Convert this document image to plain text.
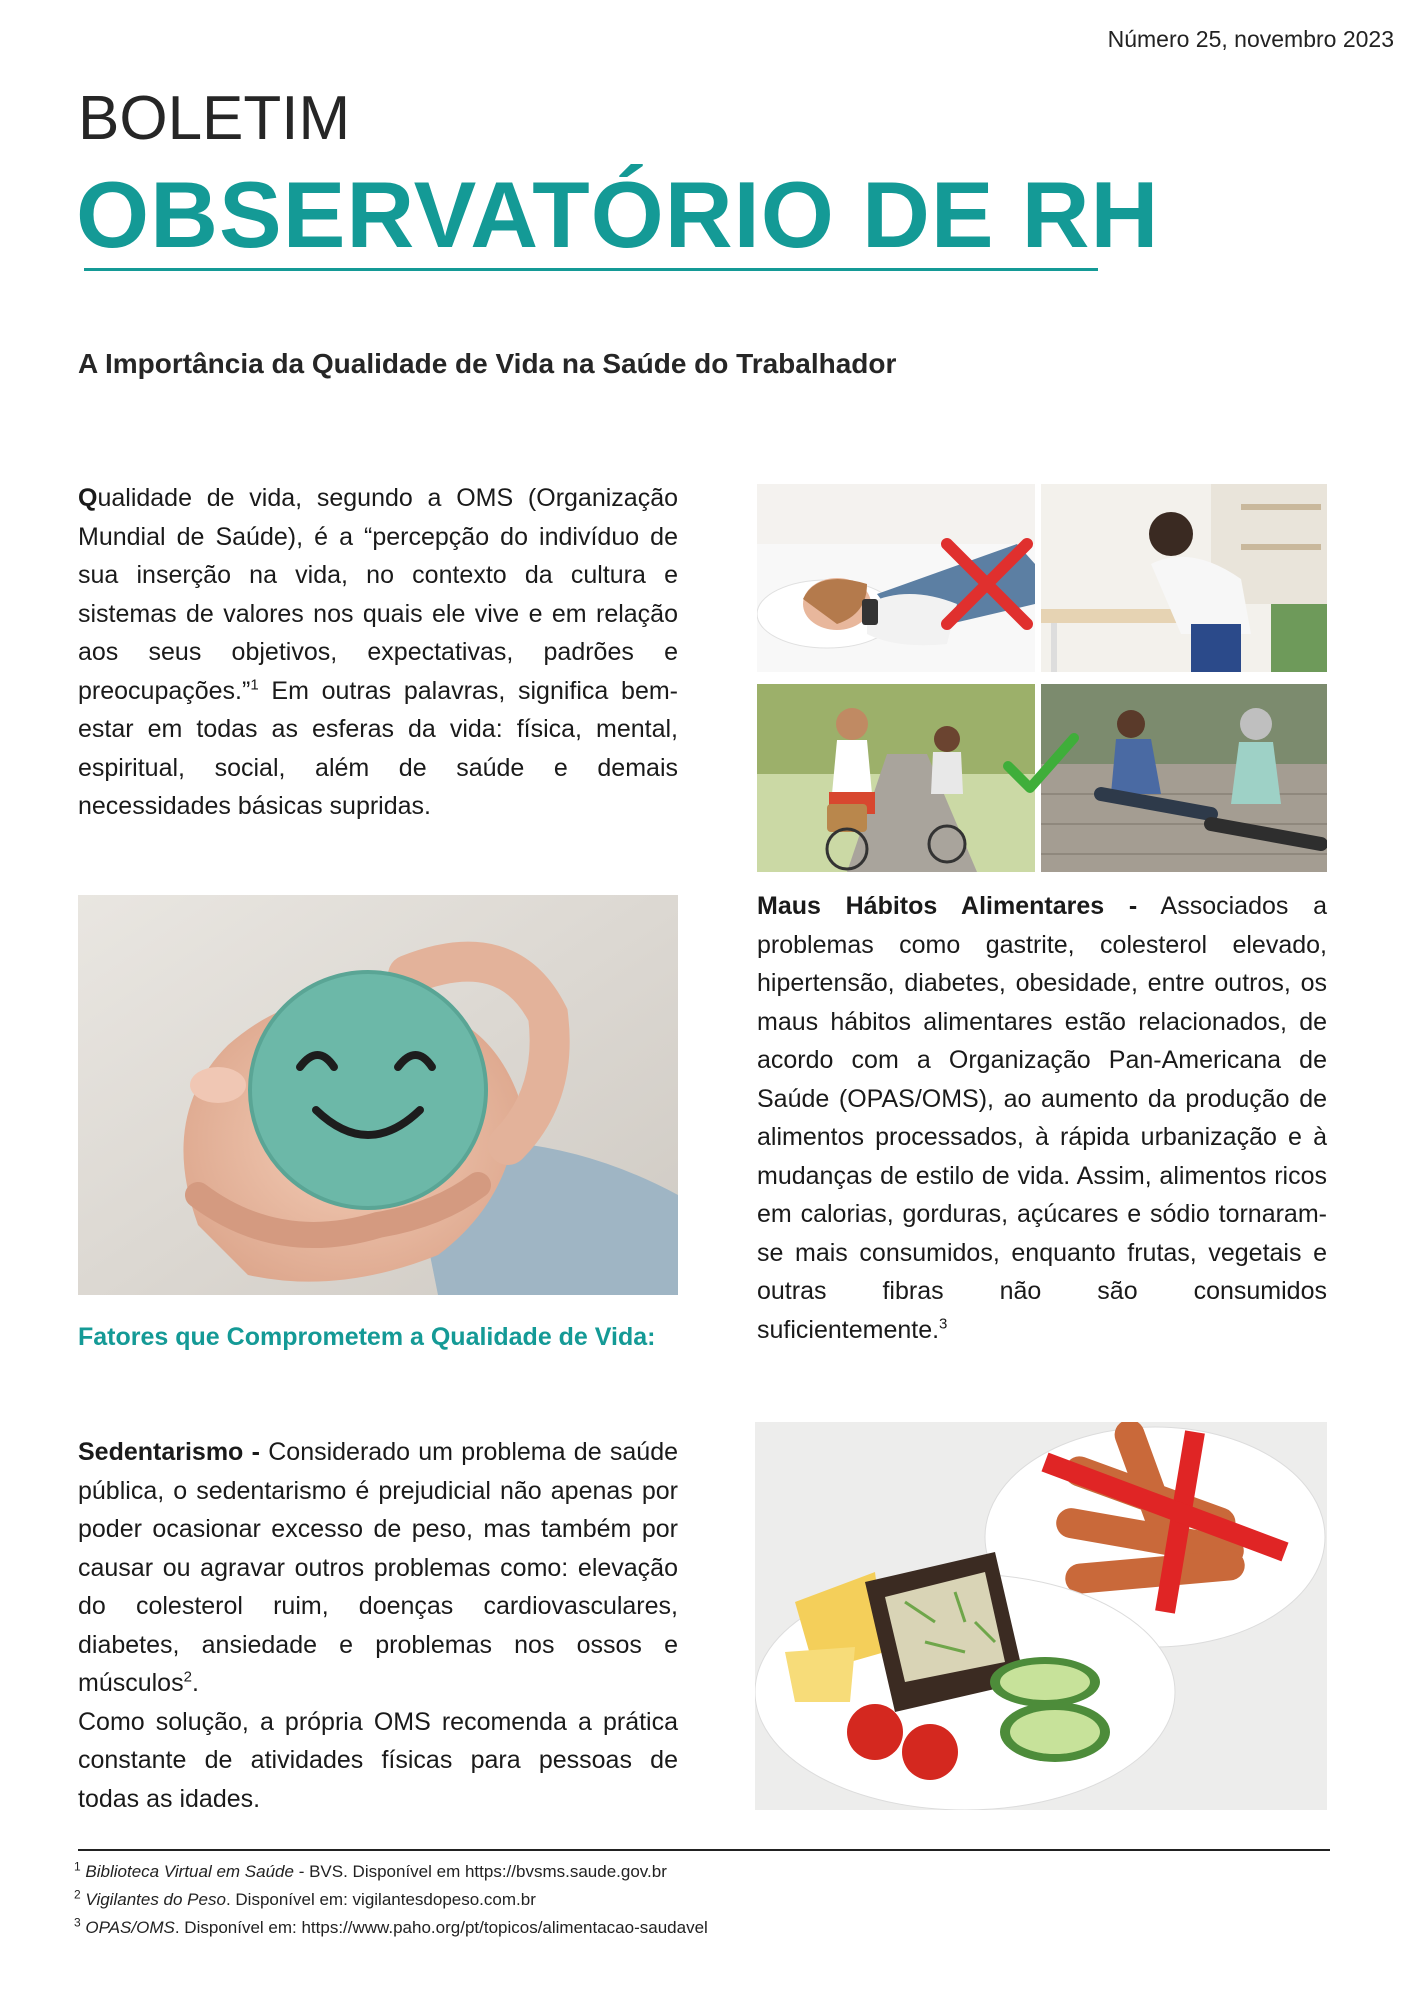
Número 25, novembro 2023
BOLETIM
OBSERVATÓRIO DE RH
A Importância da Qualidade de Vida na Saúde do Trabalhador
Qualidade de vida, segundo a OMS (Organização Mundial de Saúde), é a “percepção do indivíduo de sua inserção na vida, no contexto da cultura e sistemas de valores nos quais ele vive e em relação aos seus objetivos, expectativas, padrões e preocupações.”$^1$ Em outras palavras, significa bem-estar em todas as esferas da vida: física, mental, espiritual, social, além de saúde e demais necessidades básicas supridas.
Fatores que Comprometem a Qualidade de Vida:
Sedentarismo - Considerado um problema de saúde pública, o sedentarismo é prejudicial não apenas por poder ocasionar excesso de peso, mas também por causar ou agravar outros problemas como: elevação do colesterol ruim, doenças cardiovasculares, diabetes, ansiedade e problemas nos ossos e músculos$^2$.
Como solução, a própria OMS recomenda a prática constante de atividades físicas para pessoas de todas as idades.
Maus Hábitos Alimentares - Associados a problemas como gastrite, colesterol elevado, hipertensão, diabetes, obesidade, entre outros, os maus hábitos alimentares estão relacionados, de acordo com a Organização Pan-Americana de Saúde (OPAS/OMS), ao aumento da produção de alimentos processados, à rápida urbanização e à mudanças de estilo de vida. Assim, alimentos ricos em calorias, gorduras, açúcares e sódio tornaram-se mais consumidos, enquanto frutas, vegetais e outras fibras não são consumidos suficientemente.$^3$
$^1$ Biblioteca Virtual em Saúde - BVS. Disponível em https://bvsms.saude.gov.br
$^2$ Vigilantes do Peso. Disponível em: vigilantesdopeso.com.br
$^3$ OPAS/OMS. Disponível em: https://www.paho.org/pt/topicos/alimentacao-saudavel
